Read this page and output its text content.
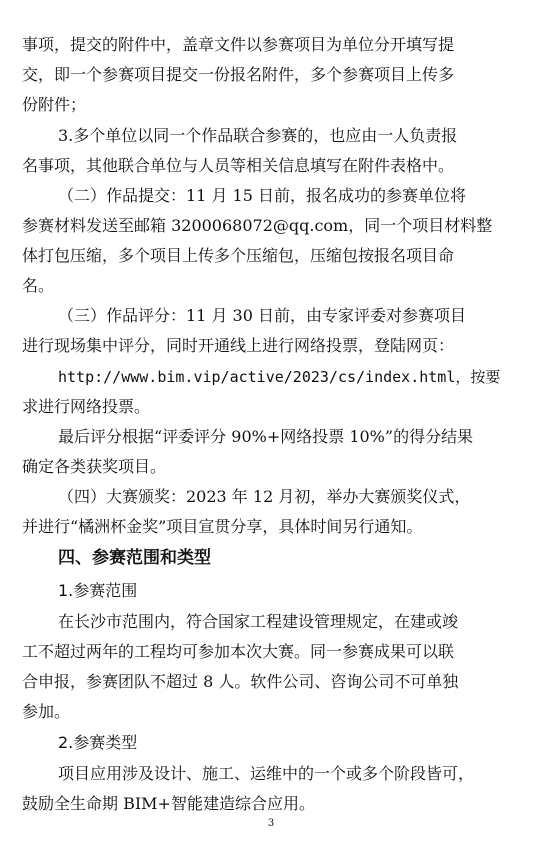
事项，提交的附件中，盖章文件以参赛项目为单位分开填写提
交，即一个参赛项目提交一份报名附件，多个参赛项目上传多
份附件；
3.多个单位以同一个作品联合参赛的，也应由一人负责报
名事项，其他联合单位与人员等相关信息填写在附件表格中。
（二）作品提交：11 月 15 日前，报名成功的参赛单位将
参赛材料发送至邮箱 3200068072@qq.com，同一个项目材料整
体打包压缩，多个项目上传多个压缩包，压缩包按报名项目命
名。
（三）作品评分：11 月 30 日前，由专家评委对参赛项目
进行现场集中评分，同时开通线上进行网络投票，登陆网页：
http://www.bim.vip/active/2023/cs/index.html，按要
求进行网络投票。
最后评分根据“评委评分 90%+网络投票 10%”的得分结果
确定各类获奖项目。
（四）大赛颁奖：2023 年 12 月初，举办大赛颁奖仪式，
并进行“橘洲杯金奖”项目宣贯分享，具体时间另行通知。
四、参赛范围和类型
1.参赛范围
在长沙市范围内，符合国家工程建设管理规定，在建或竣
工不超过两年的工程均可参加本次大赛。同一参赛成果可以联
合申报，参赛团队不超过 8 人。软件公司、咨询公司不可单独
参加。
2.参赛类型
项目应用涉及设计、施工、运维中的一个或多个阶段皆可，
鼓励全生命期 BIM+智能建造综合应用。
3
